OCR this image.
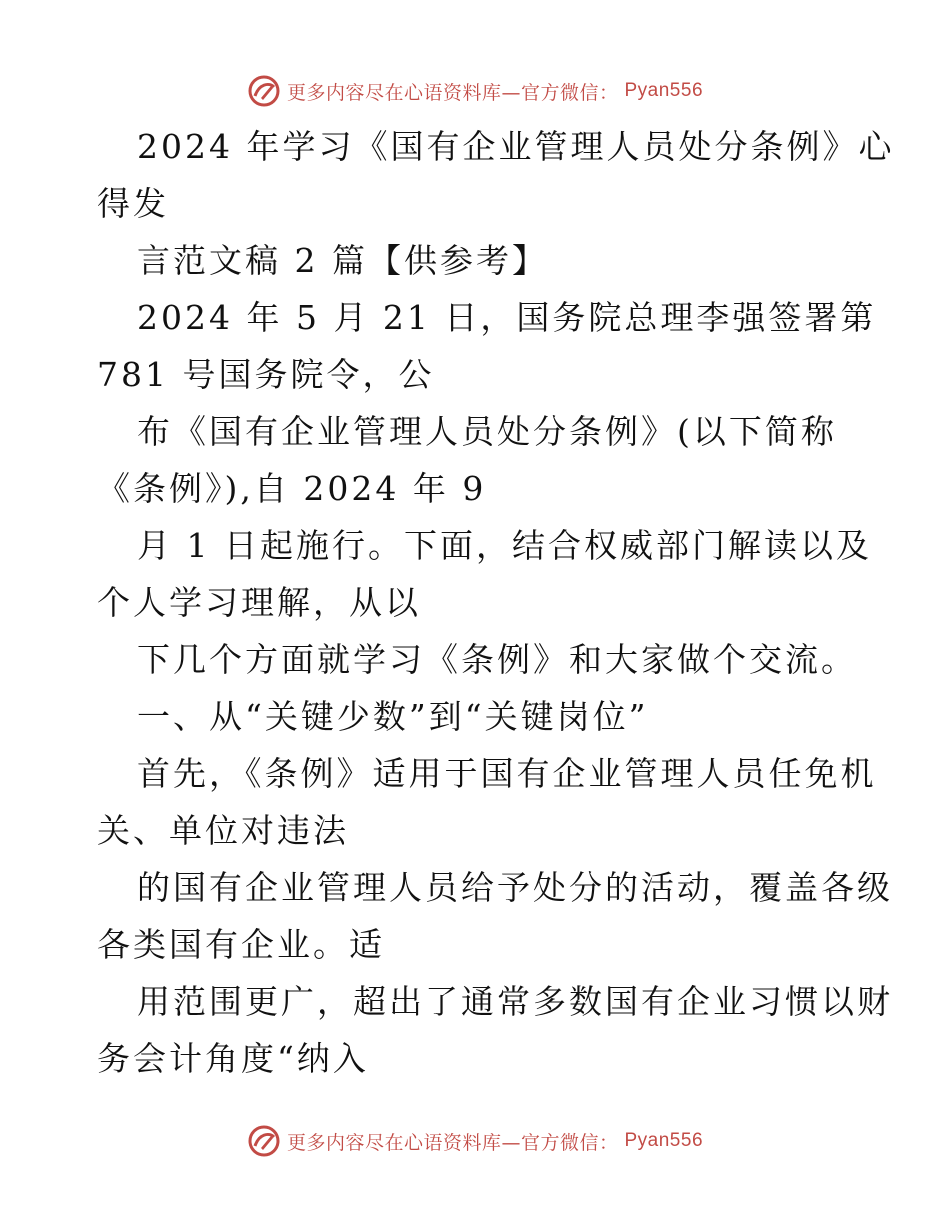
更多内容尽在心语资料库—官方微信： Pyan556
2024 年学习《国有企业管理人员处分条例》心
得发
言范文稿 2 篇【供参考】
2024 年 5 月 21 日，国务院总理李强签署第
781 号国务院令，公
布《国有企业管理人员处分条例》(以下简称
《条例》),自 2024 年 9
月 1 日起施行。下面，结合权威部门解读以及
个人学习理解，从以
下几个方面就学习《条例》和大家做个交流。
一、从“关键少数”到“关键岗位”
首先，《条例》适用于国有企业管理人员任免机
关、单位对违法
的国有企业管理人员给予处分的活动，覆盖各级
各类国有企业。适
用范围更广，超出了通常多数国有企业习惯以财
务会计角度“纳入
更多内容尽在心语资料库—官方微信： Pyan556
